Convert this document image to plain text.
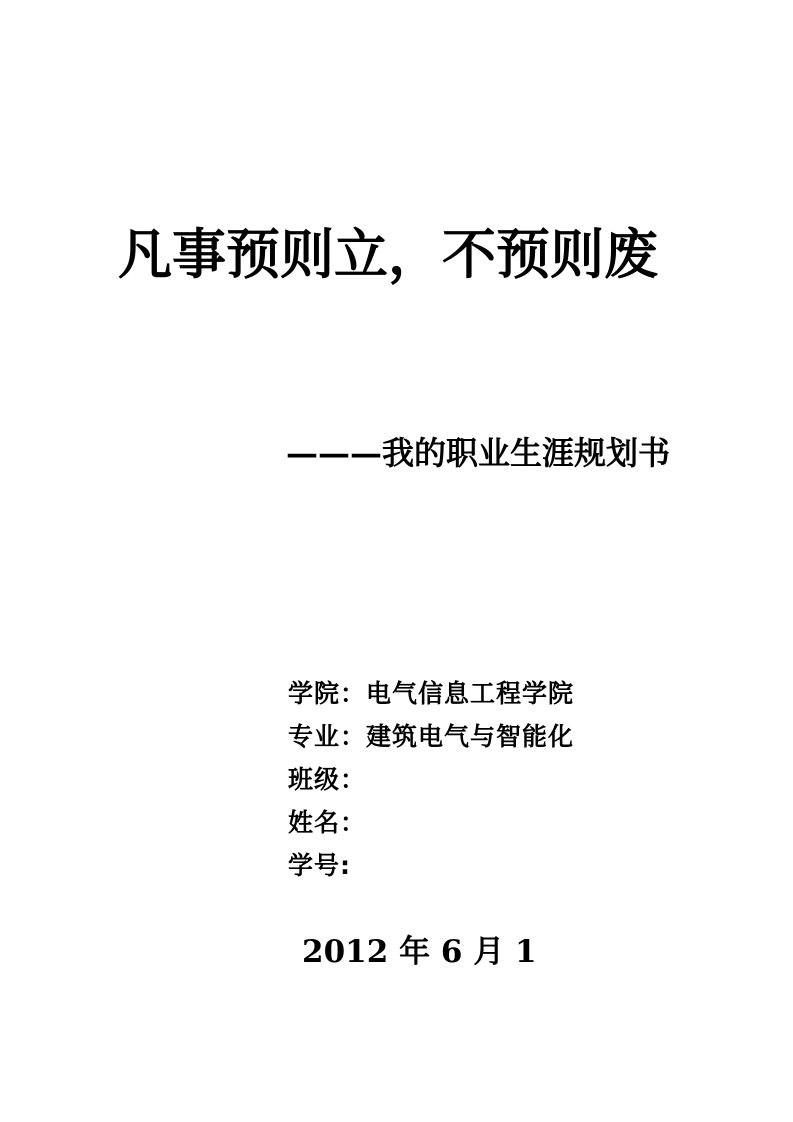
凡事预则立，不预则废
———我的职业生涯规划书
学院：电气信息工程学院
专业：建筑电气与智能化
班级：
姓名：
学号:
2012 年 6 月 1
